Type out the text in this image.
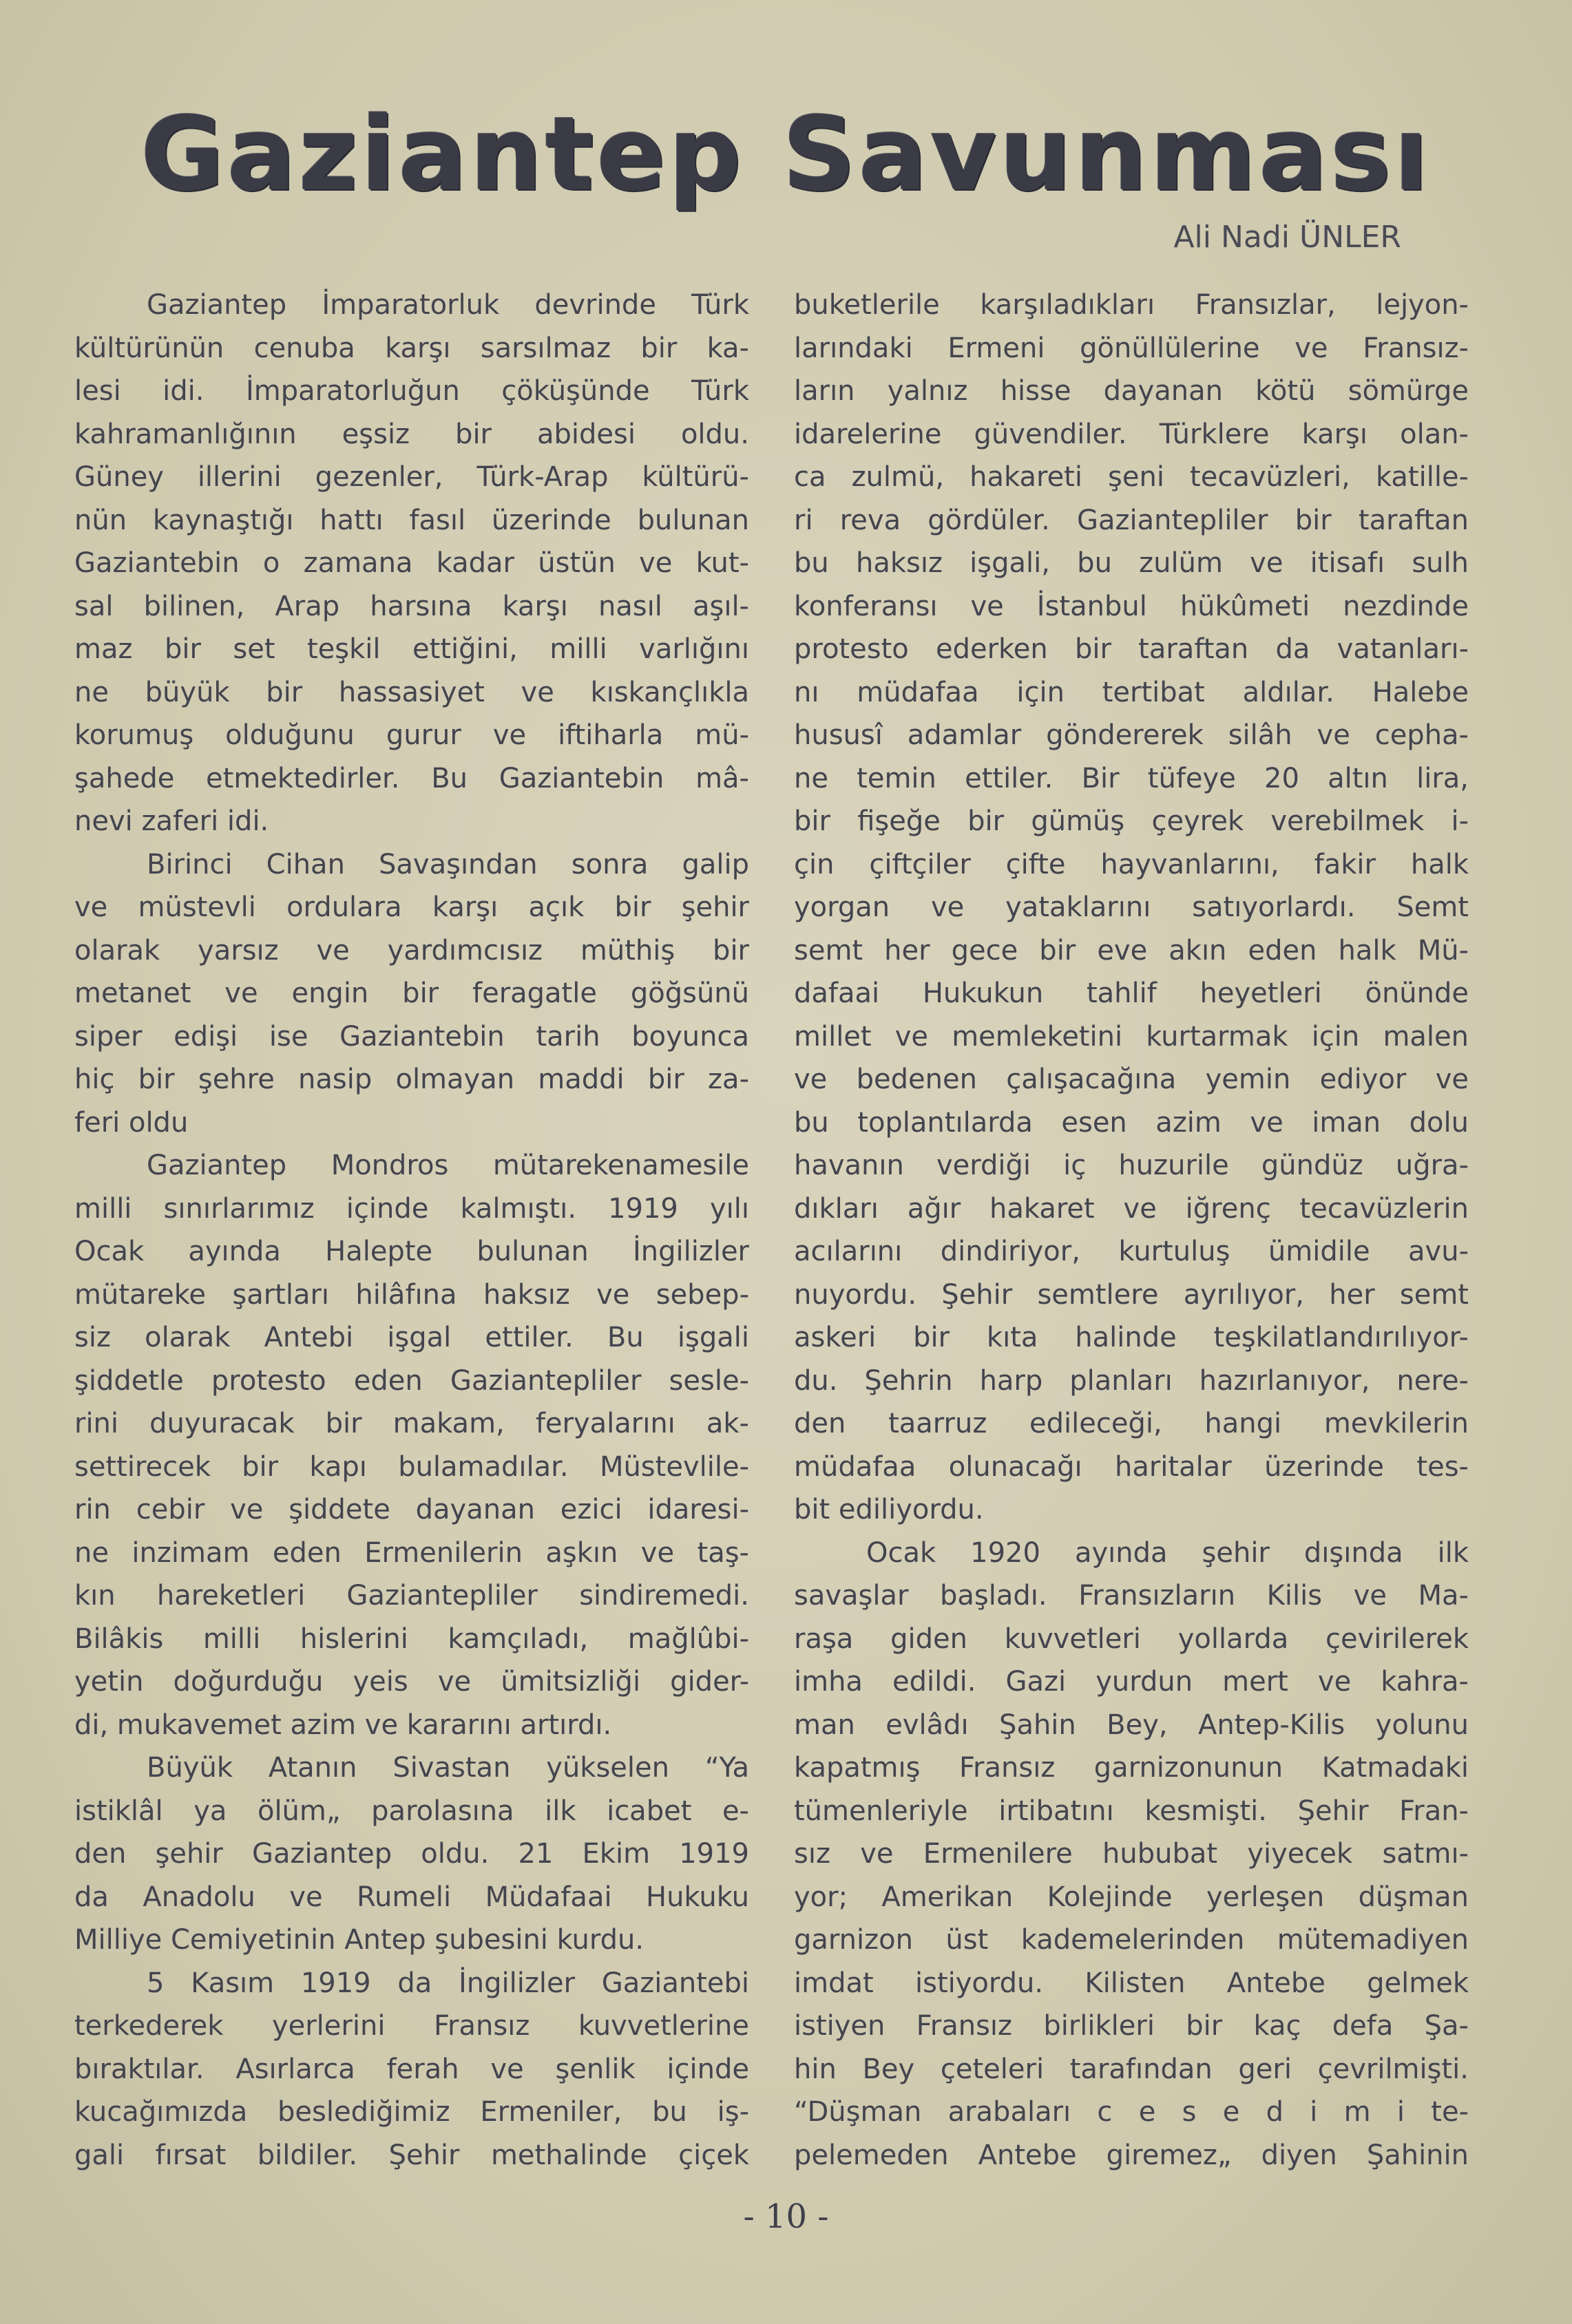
Gaziantep Savunması
Ali Nadi ÜNLER
Gaziantep İmparatorluk devrinde Türk
kültürünün cenuba karşı sarsılmaz bir ka-
lesi idi. İmparatorluğun çöküşünde Türk
kahramanlığının eşsiz bir abidesi oldu.
Güney illerini gezenler, Türk-Arap kültürü-
nün kaynaştığı hattı fasıl üzerinde bulunan
Gaziantebin o zamana kadar üstün ve kut-
sal bilinen, Arap harsına karşı nasıl aşıl-
maz bir set teşkil ettiğini, milli varlığını
ne büyük bir hassasiyet ve kıskançlıkla
korumuş olduğunu gurur ve iftiharla mü-
şahede etmektedirler. Bu Gaziantebin mâ-
nevi zaferi idi.
Birinci Cihan Savaşından sonra galip
ve müstevli ordulara karşı açık bir şehir
olarak yarsız ve yardımcısız müthiş bir
metanet ve engin bir feragatle göğsünü
siper edişi ise Gaziantebin tarih boyunca
hiç bir şehre nasip olmayan maddi bir za-
feri oldu
Gaziantep Mondros mütarekenamesile
milli sınırlarımız içinde kalmıştı. 1919 yılı
Ocak ayında Halepte bulunan İngilizler
mütareke şartları hilâfına haksız ve sebep-
siz olarak Antebi işgal ettiler. Bu işgali
şiddetle protesto eden Gaziantepliler sesle-
rini duyuracak bir makam, feryalarını ak-
settirecek bir kapı bulamadılar. Müstevlile-
rin cebir ve şiddete dayanan ezici idaresi-
ne inzimam eden Ermenilerin aşkın ve taş-
kın hareketleri Gaziantepliler sindiremedi.
Bilâkis milli hislerini kamçıladı, mağlûbi-
yetin doğurduğu yeis ve ümitsizliği gider-
di, mukavemet azim ve kararını artırdı.
Büyük Atanın Sivastan yükselen “Ya
istiklâl ya ölüm„ parolasına ilk icabet e-
den şehir Gaziantep oldu. 21 Ekim 1919
da Anadolu ve Rumeli Müdafaai Hukuku
Milliye Cemiyetinin Antep şubesini kurdu.
5 Kasım 1919 da İngilizler Gaziantebi
terkederek yerlerini Fransız kuvvetlerine
bıraktılar. Asırlarca ferah ve şenlik içinde
kucağımızda beslediğimiz Ermeniler, bu iş-
gali fırsat bildiler. Şehir methalinde çiçek
buketlerile karşıladıkları Fransızlar, lejyon-
larındaki Ermeni gönüllülerine ve Fransız-
ların yalnız hisse dayanan kötü sömürge
idarelerine güvendiler. Türklere karşı olan-
ca zulmü, hakareti şeni tecavüzleri, katille-
ri reva gördüler. Gaziantepliler bir taraftan
bu haksız işgali, bu zulüm ve itisafı sulh
konferansı ve İstanbul hükûmeti nezdinde
protesto ederken bir taraftan da vatanları-
nı müdafaa için tertibat aldılar. Halebe
hususî adamlar göndererek silâh ve cepha-
ne temin ettiler. Bir tüfeye 20 altın lira,
bir fişeğe bir gümüş çeyrek verebilmek i-
çin çiftçiler çifte hayvanlarını, fakir halk
yorgan ve yataklarını satıyorlardı. Semt
semt her gece bir eve akın eden halk Mü-
dafaai Hukukun tahlif heyetleri önünde
millet ve memleketini kurtarmak için malen
ve bedenen çalışacağına yemin ediyor ve
bu toplantılarda esen azim ve iman dolu
havanın verdiği iç huzurile gündüz uğra-
dıkları ağır hakaret ve iğrenç tecavüzlerin
acılarını dindiriyor, kurtuluş ümidile avu-
nuyordu. Şehir semtlere ayrılıyor, her semt
askeri bir kıta halinde teşkilatlandırılıyor-
du. Şehrin harp planları hazırlanıyor, nere-
den taarruz edileceği, hangi mevkilerin
müdafaa olunacağı haritalar üzerinde tes-
bit ediliyordu.
Ocak 1920 ayında şehir dışında ilk
savaşlar başladı. Fransızların Kilis ve Ma-
raşa giden kuvvetleri yollarda çevirilerek
imha edildi. Gazi yurdun mert ve kahra-
man evlâdı Şahin Bey, Antep-Kilis yolunu
kapatmış Fransız garnizonunun Katmadaki
tümenleriyle irtibatını kesmişti. Şehir Fran-
sız ve Ermenilere hububat yiyecek satmı-
yor; Amerikan Kolejinde yerleşen düşman
garnizon üst kademelerinden mütemadiyen
imdat istiyordu. Kilisten Antebe gelmek
istiyen Fransız birlikleri bir kaç defa Şa-
hin Bey çeteleri tarafından geri çevrilmişti.
“Düşman arabaları c e s e d i m i te-
pelemeden Antebe giremez„ diyen Şahinin
- 10 -
